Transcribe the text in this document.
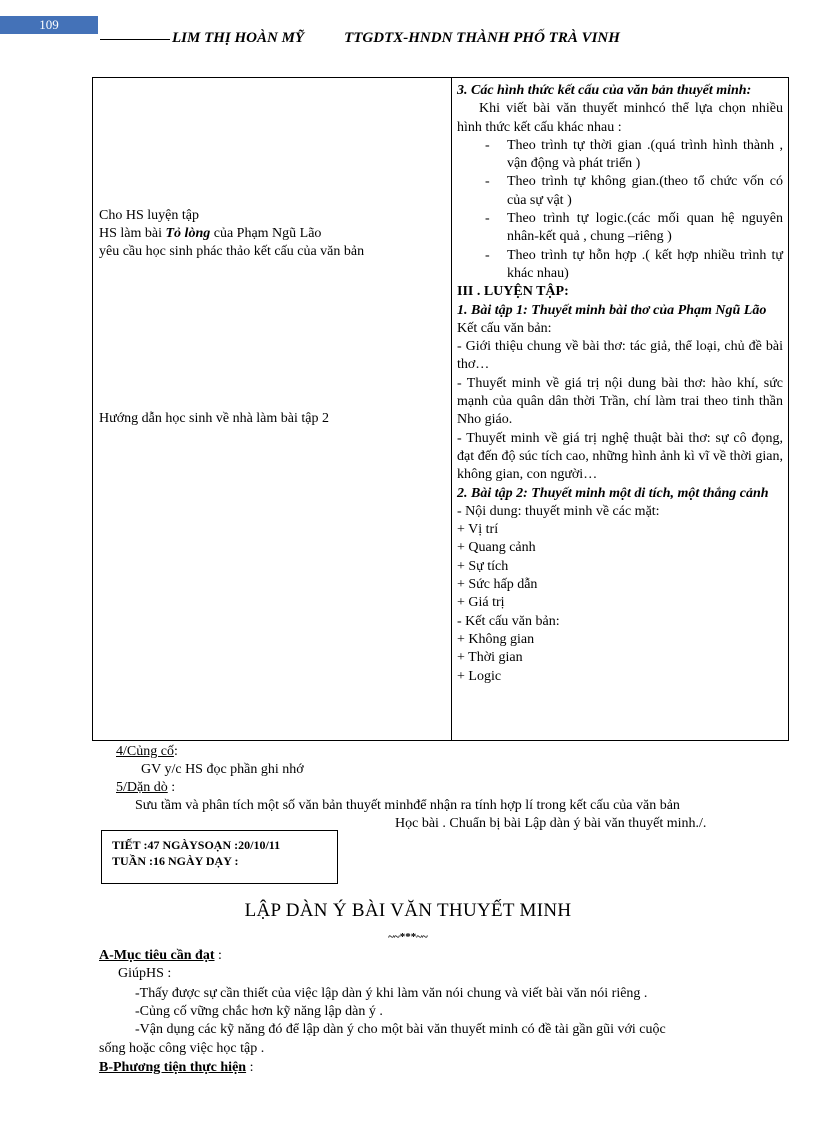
109
LIM THỊ HOÀN MỸ	TTGDTX-HNDN THÀNH PHỐ TRÀ VINH
Cho HS luyện tập
HS làm bài Tỏ lòng của Phạm Ngũ Lão
yêu cầu học sinh phác thảo kết cấu của văn bản
Hướng dẫn học sinh về nhà làm bài tập 2
3. Các hình thức kết cấu của văn bản thuyết minh:
Khi viết bài văn thuyết minhcó thể lựa chọn nhiều hình thức kết cấu khác nhau :
- Theo trình tự thời gian .(quá trình hình thành , vận động và phát triển )
- Theo trình tự không gian.(theo tổ chức vốn có của sự vật )
- Theo trình tự logic.(các mối quan hệ nguyên nhân-kết quả , chung –riêng )
- Theo trình tự hỗn hợp .( kết hợp nhiều trình tự khác nhau)
III . LUYỆN TẬP:
1. Bài tập 1: Thuyết minh bài thơ của Phạm Ngũ Lão
Kết cấu văn bản:
- Giới thiệu chung về bài thơ: tác giả, thể loại, chủ đề bài thơ…
- Thuyết minh về giá trị nội dung bài thơ: hào khí, sức mạnh của quân dân thời Trần, chí làm trai theo tinh thần Nho giáo.
- Thuyết minh về giá trị nghệ thuật bài thơ: sự cô đọng, đạt đến độ súc tích cao, những hình ảnh kì vĩ về thời gian, không gian, con người…
2. Bài tập 2: Thuyết minh một di tích, một thắng cảnh
- Nội dung: thuyết minh về các mặt:
+ Vị trí
+ Quang cảnh
+ Sự tích
+ Sức hấp dẫn
+ Giá trị
- Kết cấu văn bản:
+ Không gian
+ Thời gian
+ Logic
4/Củng cố:
GV y/c HS đọc phần ghi nhớ
5/Dặn dò :
Sưu tầm và phân tích một số văn bản thuyết minhđể nhận ra tính hợp lí trong kết cấu của văn bản
Học bài . Chuẩn bị bài Lập dàn ý bài văn thuyết minh./.
TIẾT :47 NGÀYSOẠN :20/10/11
TUẦN :16 NGÀY DẠY :
LẬP DÀN Ý BÀI VĂN THUYẾT MINH
~~***~~
A-Mục tiêu cần đạt :
GiúpHS :
-Thấy được sự cần thiết của việc lập dàn ý khi làm văn nói chung và viết bài văn nói riêng .
-Củng cố vững chắc hơn kỹ năng lập dàn ý .
-Vận dụng các kỹ năng đó để lập dàn ý cho một bài văn thuyết minh có đề tài gần gũi với cuộc
sống hoặc công việc học tập .
B-Phương tiện thực hiện :
